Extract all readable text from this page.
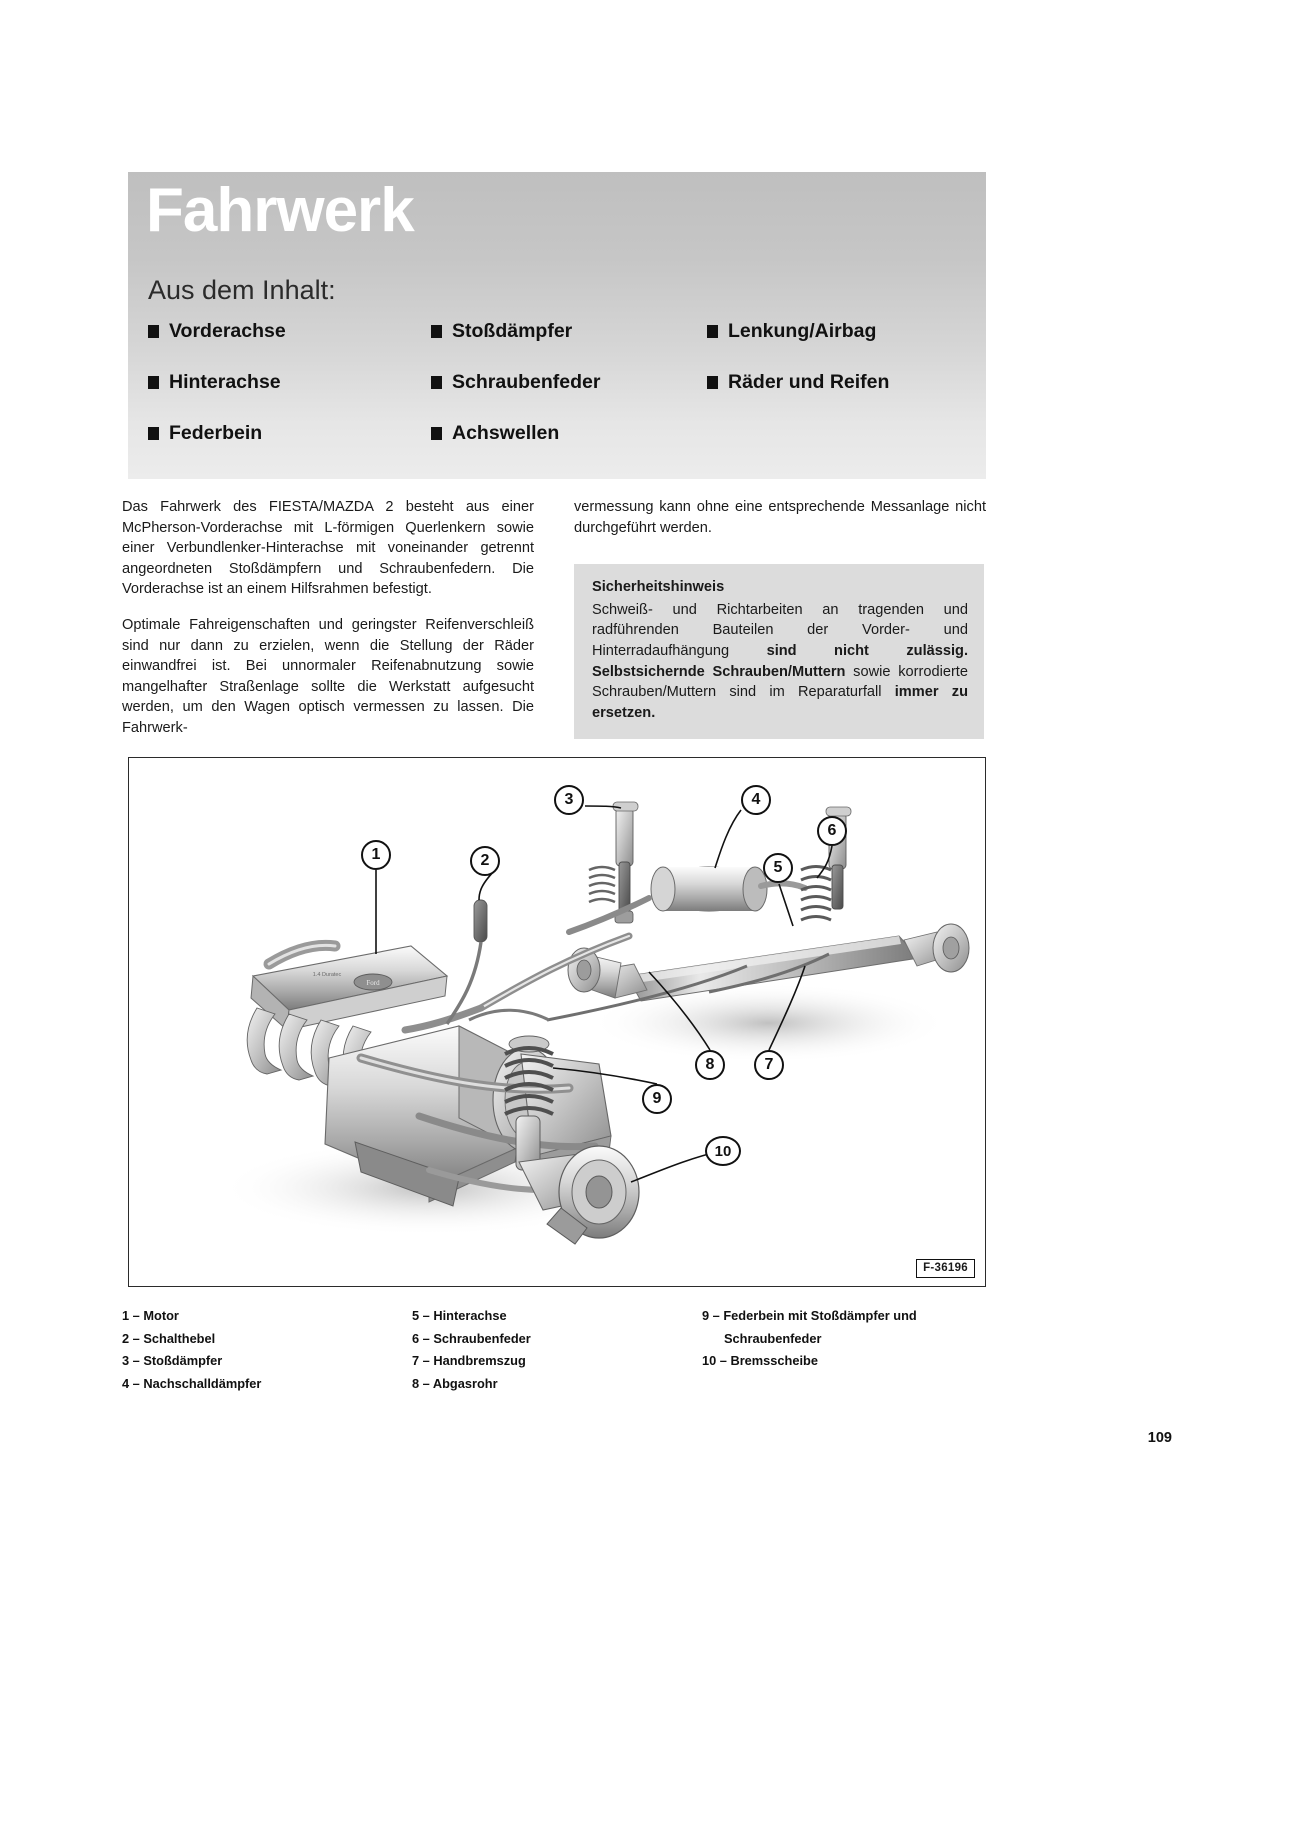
Fahrwerk
Aus dem Inhalt:
Vorderachse	Stoßdämpfer	Lenkung/Airbag
Hinterachse	Schraubenfeder	Räder und Reifen
Federbein	Achswellen

Das Fahrwerk des FIESTA/MAZDA 2 besteht aus einer McPherson-Vorderachse mit L-förmigen Querlenkern sowie einer Verbundlenker-Hinterachse mit voneinander getrennt angeordneten Stoßdämpfern und Schraubenfedern. Die Vorderachse ist an einem Hilfsrahmen befestigt.

Optimale Fahreigenschaften und geringster Reifenverschleiß sind nur dann zu erzielen, wenn die Stellung der Räder einwandfrei ist. Bei unnormaler Reifenabnutzung sowie mangelhafter Straßenlage sollte die Werkstatt aufgesucht werden, um den Wagen optisch vermessen zu lassen. Die Fahrwerk-

vermessung kann ohne eine entsprechende Messanlage nicht durchgeführt werden.

Sicherheitshinweis

Schweiß- und Richtarbeiten an tragenden und radführenden Bauteilen der Vorder- und Hinterradaufhängung sind nicht zulässig. Selbstsichernde Schrauben/Muttern sowie korrodierte Schrauben/Muttern sind im Reparaturfall immer zu ersetzen.

Ford
1.4 Duratec
1	2
3	4
5
6
7
8
9
10
F-36196
1 – Motor
2 – Schalthebel
3 – Stoßdämpfer
4 – Nachschalldämpfer
5 – Hinterachse
6 – Schraubenfeder
7 – Handbremszug
8 – Abgasrohr
9 – Federbein mit Stoßdämpfer und
Schraubenfeder
10 – Bremsscheibe
109
